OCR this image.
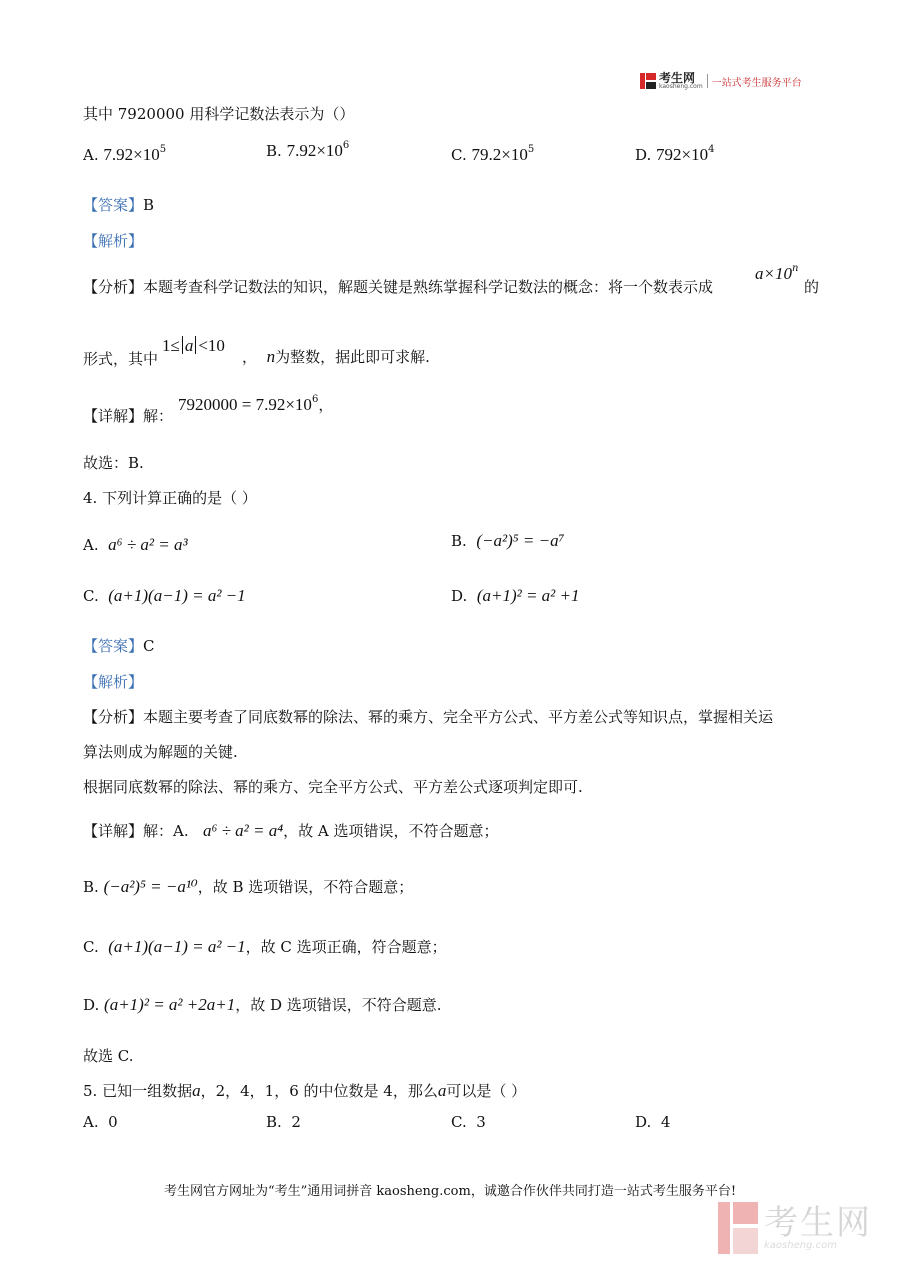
考生网
kaosheng.com 一站式考生服务平台
其中 7920000 用科学记数法表示为（）
A. $7.92\times 10^5$	B. $7.92\times 10^6$
C. $79.2\times 10^5$	D. $792\times 10^4$
【答案】B
【解析】
【分析】本题考查科学记数法的知识，解题关键是熟练掌握科学记数法的概念：将一个数表示成
$a\times 10^n$
的
形式，其中
1≤ a <10
， n为整数，据此即可求解.
【详解】解：
$7920000 = 7.92\times 10^6$，
故选：B.
4. 下列计算正确的是（ ）
A. a⁶ ÷ a² = a³	B. (−a²)⁵ = −a⁷
C. (a+1)(a−1) = a² −1	D. (a+1)² = a² +1
【答案】C
【解析】
【分析】本题主要考查了同底数幂的除法、幂的乘方、完全平方公式、平方差公式等知识点，掌握相关运
算法则成为解题的关键.
根据同底数幂的除法、幂的乘方、完全平方公式、平方差公式逐项判定即可.
【详解】解：A. a⁶ ÷ a² = a⁴，故 A 选项错误，不符合题意；
B. (−a²)⁵ = −a¹⁰，故 B 选项错误，不符合题意；
C. (a+1)(a−1) = a² −1，故 C 选项正确，符合题意；
D. (a+1)² = a² +2a+1，故 D 选项错误，不符合题意.
故选 C.
5. 已知一组数据a，2，4，1，6 的中位数是 4，那么a可以是（ ）
A. 0	B. 2	C. 3	D. 4
考生网官方网址为“考生”通用词拼音 kaosheng.com，诚邀合作伙伴共同打造一站式考生服务平台!
考生网
kaosheng.com
